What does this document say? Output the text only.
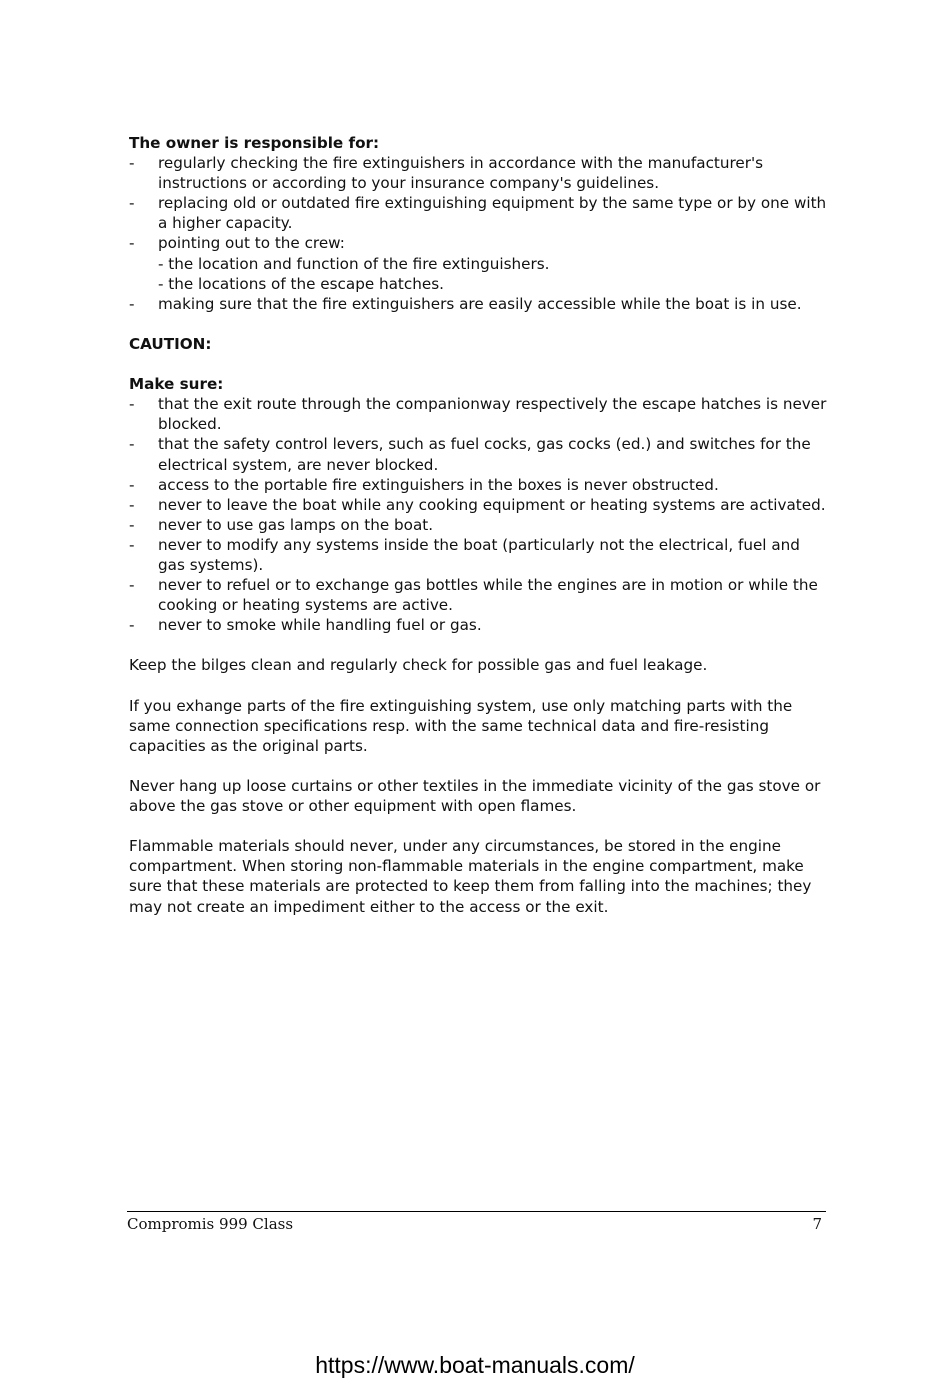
The owner is responsible for:

- regularly checking the fire extinguishers in accordance with the manufacturer's instructions or according to your insurance company's guidelines.
- replacing old or outdated fire extinguishing equipment by the same type or by one with a higher capacity.
- pointing out to the crew:
- the location and function of the fire extinguishers.
- the locations of the escape hatches.
- making sure that the fire extinguishers are easily accessible while the boat is in use.

CAUTION:

Make sure:

- that the exit route through the companionway respectively the escape hatches is never blocked.
- that the safety control levers, such as fuel cocks, gas cocks (ed.) and switches for the electrical system, are never blocked.
- access to the portable fire extinguishers in the boxes is never obstructed.
- never to leave the boat while any cooking equipment or heating systems are activated.
- never to use gas lamps on the boat.
- never to modify any systems inside the boat (particularly not the electrical, fuel and gas systems).
- never to refuel or to exchange gas bottles while the engines are in motion or while the cooking or heating systems are active.
- never to smoke while handling fuel or gas.

Keep the bilges clean and regularly check for possible gas and fuel leakage.

If you exhange parts of the fire extinguishing system, use only matching parts with the same connection specifications resp. with the same technical data and fire-resisting capacities as the original parts.

Never hang up loose curtains or other textiles in the immediate vicinity of the gas stove or above the gas stove or other equipment with open flames.

Flammable materials should never, under any circumstances, be stored in the engine compartment. When storing non-flammable materials in the engine compartment, make sure that these materials are protected to keep them from falling into the machines; they may not create an impediment either to the access or the exit.

Compromis 999 Class	7
https://www.boat-manuals.com/
